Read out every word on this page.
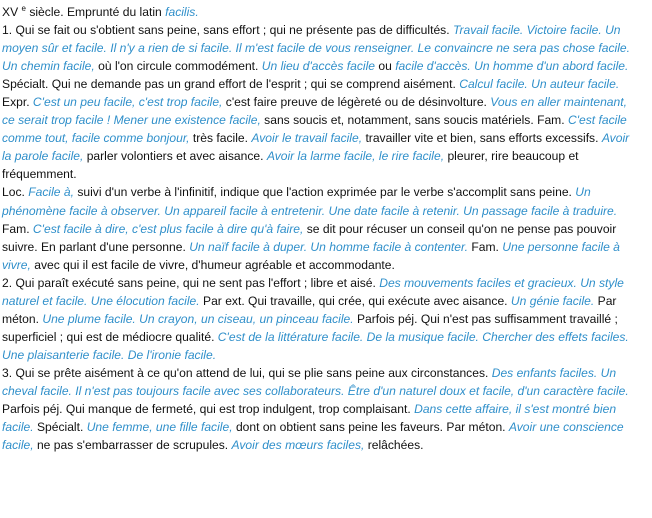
XV $^e$ siècle. Emprunté du latin facilis.

1. Qui se fait ou s'obtient sans peine, sans effort ; qui ne présente pas de difficultés. Travail facile. Victoire facile. Un moyen sûr et facile. Il n'y a rien de si facile. Il m'est facile de vous renseigner. Le convaincre ne sera pas chose facile. Un chemin facile, où l'on circule commodément. Un lieu d'accès facile ou facile d'accès. Un homme d'un abord facile.

Spécialt. Qui ne demande pas un grand effort de l'esprit ; qui se comprend aisément. Calcul facile. Un auteur facile.

Expr. C'est un peu facile, c'est trop facile, c'est faire preuve de légèreté ou de désinvolture. Vous en aller maintenant, ce serait trop facile ! Mener une existence facile, sans soucis et, notamment, sans soucis matériels. Fam. C'est facile comme tout, facile comme bonjour, très facile. Avoir le travail facile, travailler vite et bien, sans efforts excessifs. Avoir la parole facile, parler volontiers et avec aisance. Avoir la larme facile, le rire facile, pleurer, rire beaucoup et fréquemment.

Loc. Facile à, suivi d'un verbe à l'infinitif, indique que l'action exprimée par le verbe s'accomplit sans peine. Un phénomène facile à observer. Un appareil facile à entretenir. Une date facile à retenir. Un passage facile à traduire.

Fam. C'est facile à dire, c'est plus facile à dire qu'à faire, se dit pour récuser un conseil qu'on ne pense pas pouvoir suivre. En parlant d'une personne. Un naïf facile à duper. Un homme facile à contenter. Fam. Une personne facile à vivre, avec qui il est facile de vivre, d'humeur agréable et accommodante.

2. Qui paraît exécuté sans peine, qui ne sent pas l'effort ; libre et aisé. Des mouvements faciles et gracieux. Un style naturel et facile. Une élocution facile. Par ext. Qui travaille, qui crée, qui exécute avec aisance. Un génie facile. Par méton. Une plume facile. Un crayon, un ciseau, un pinceau facile. Parfois péj. Qui n'est pas suffisamment travaillé ; superficiel ; qui est de médiocre qualité. C'est de la littérature facile. De la musique facile. Chercher des effets faciles. Une plaisanterie facile. De l'ironie facile.

3. Qui se prête aisément à ce qu'on attend de lui, qui se plie sans peine aux circonstances. Des enfants faciles. Un cheval facile. Il n'est pas toujours facile avec ses collaborateurs. Être d'un naturel doux et facile, d'un caractère facile. Parfois péj. Qui manque de fermeté, qui est trop indulgent, trop complaisant. Dans cette affaire, il s'est montré bien facile. Spécialt. Une femme, une fille facile, dont on obtient sans peine les faveurs. Par méton. Avoir une conscience facile, ne pas s'embarrasser de scrupules. Avoir des mœurs faciles, relâchées.
